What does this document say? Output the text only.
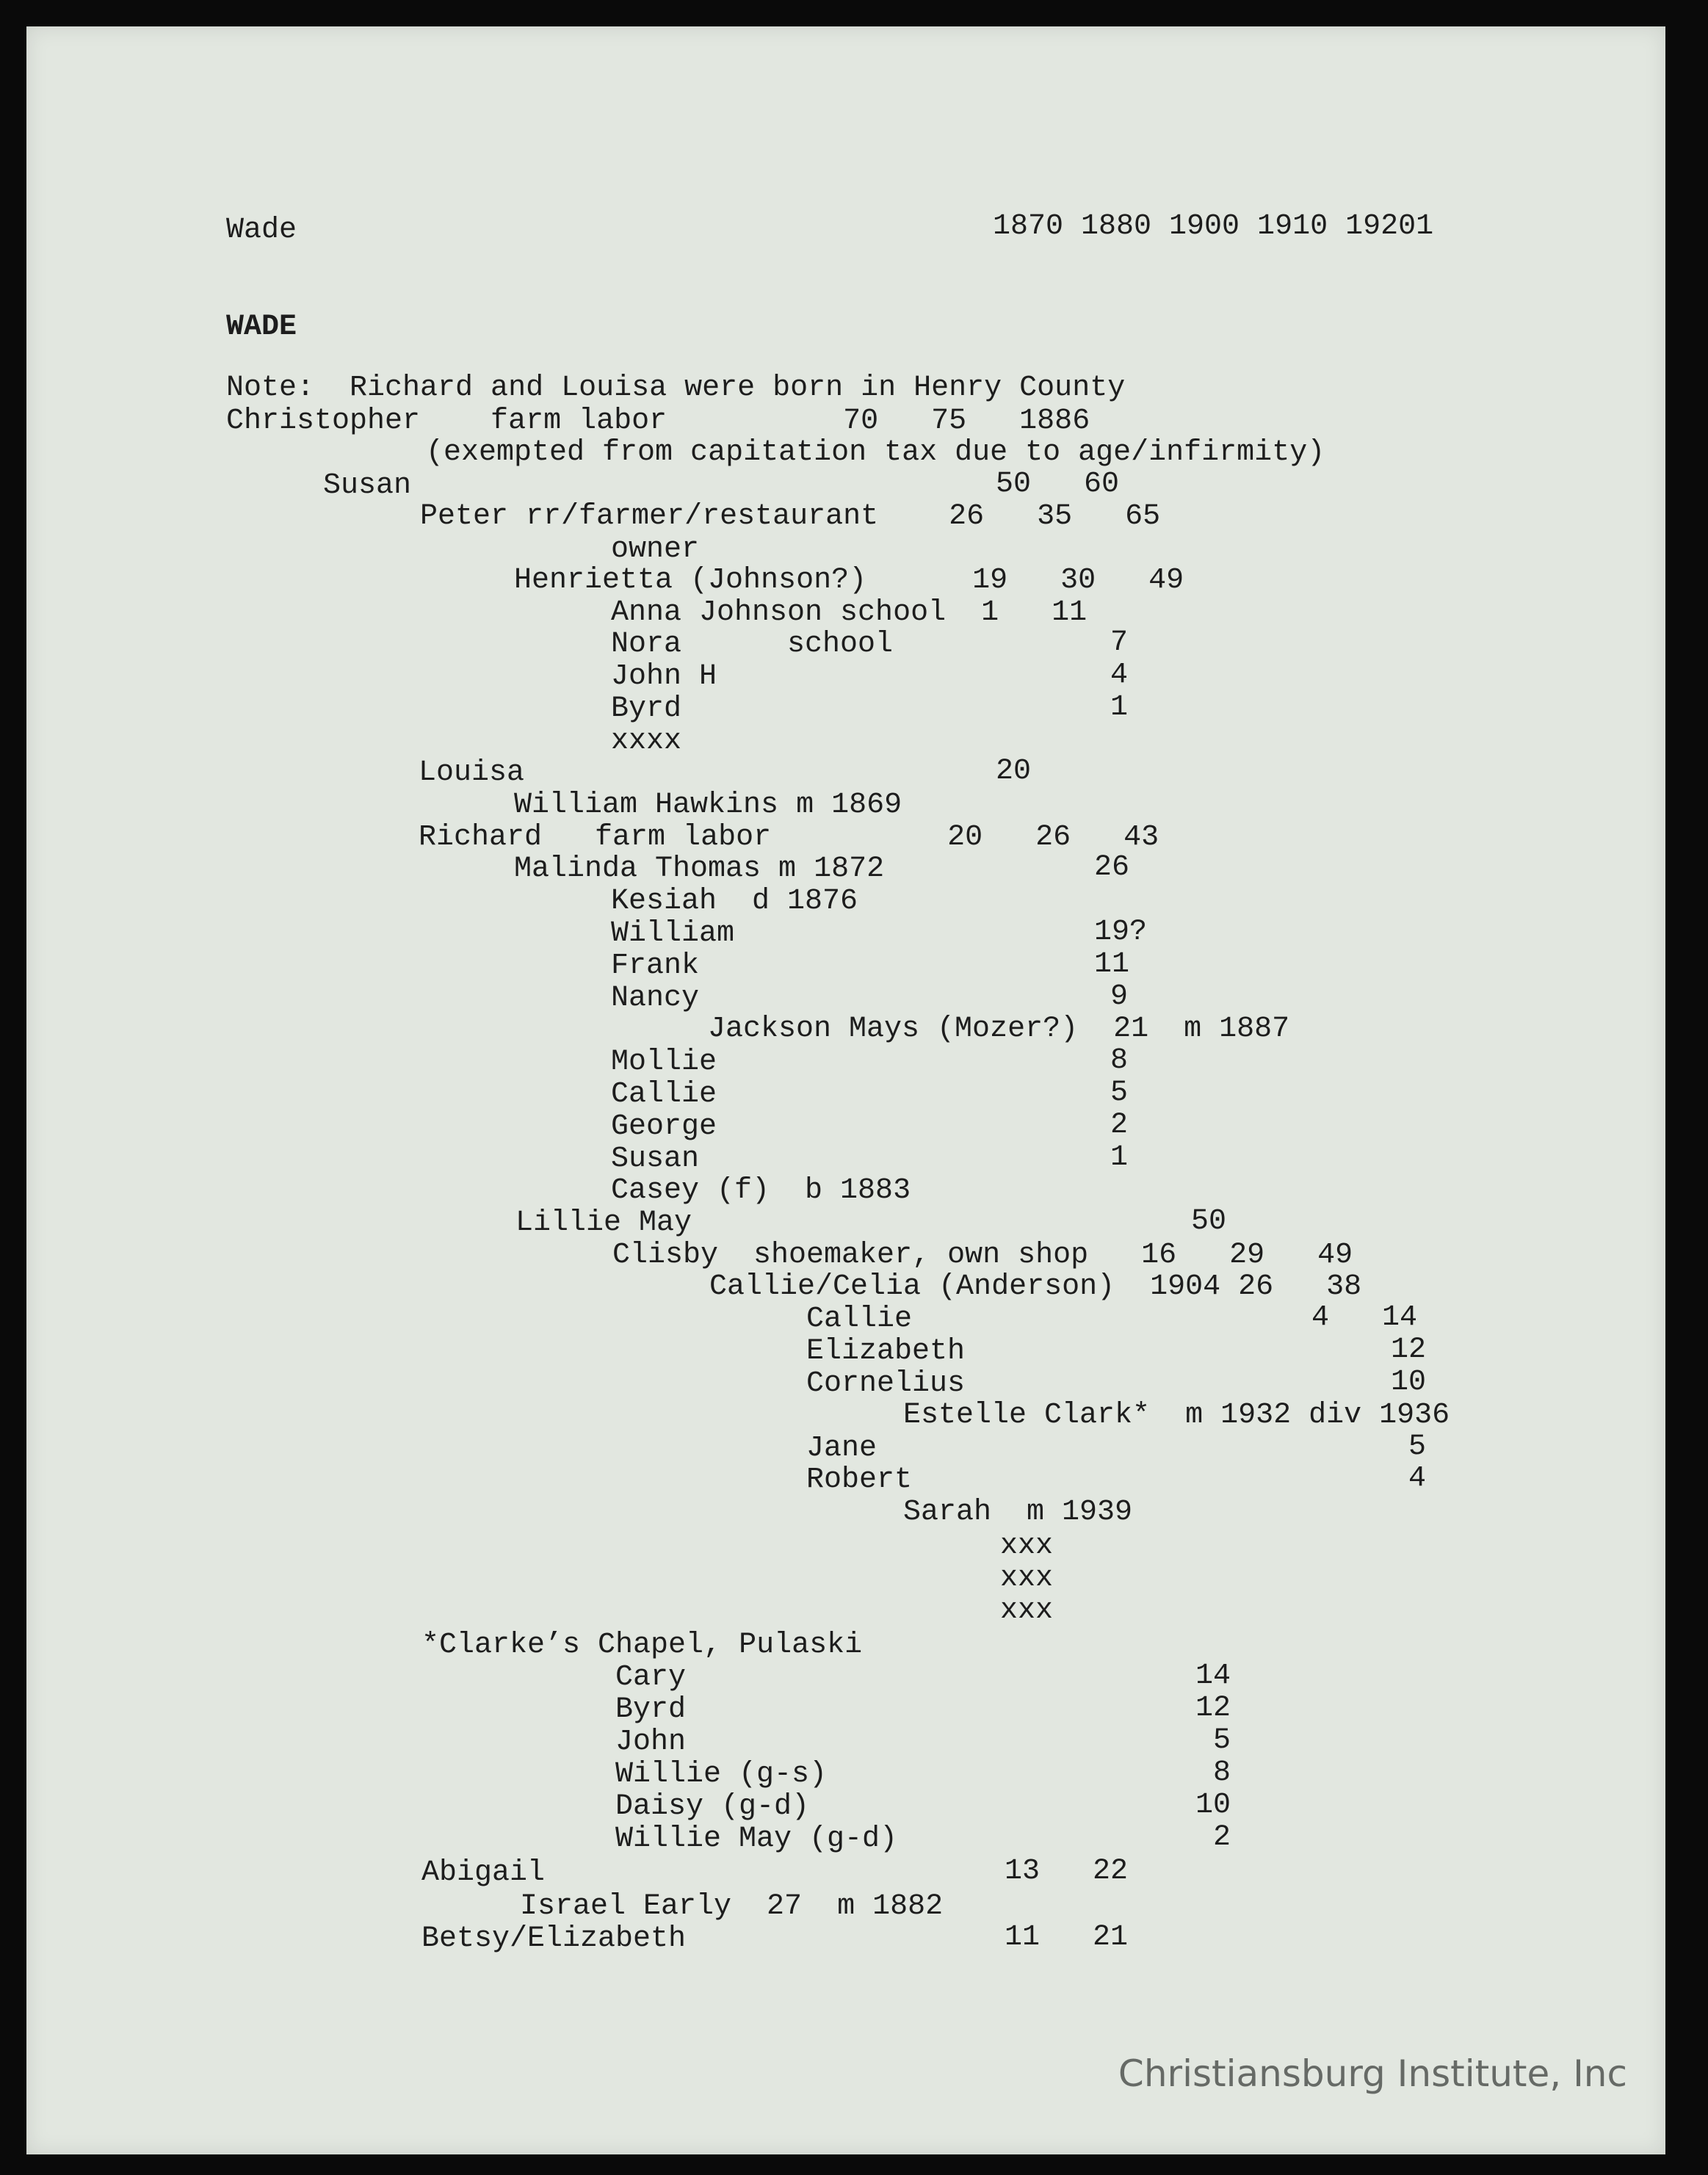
Wade	1870 1880 1900 1910 19201
WADE
Note:  Richard and Louisa were born in Henry County
Christopher    farm labor          70   75   1886
(exempted from capitation tax due to age/infirmity)
Susan	50   60
Peter rr/farmer/restaurant    26   35   65
owner
Henrietta (Johnson?)      19   30   49
Anna Johnson school  1   11
Nora      school	7
John H	4
Byrd	1
xxxx
Louisa	20
William Hawkins m 1869
Richard   farm labor          20   26   43
Malinda Thomas m 1872	26
Kesiah  d 1876
William	19?
Frank	11
Nancy	9
Jackson Mays (Mozer?)  21  m 1887
Mollie	8
Callie	5
George	2
Susan	1
Casey (f)  b 1883
Lillie May	50
Clisby  shoemaker, own shop   16   29   49
Callie/Celia (Anderson)  1904 26   38
Callie	4   14
Elizabeth	12
Cornelius	10
Estelle Clark*  m 1932 div 1936
Jane	5
Robert	4
Sarah  m 1939
xxx
xxx
xxx
*Clarke’s Chapel, Pulaski
Cary	14
Byrd	12
John	5
Willie (g-s)	8
Daisy (g-d)	10
Willie May (g-d)	2
Abigail	13   22
Israel Early  27  m 1882
Betsy/Elizabeth	11   21
Christiansburg Institute, Inc
